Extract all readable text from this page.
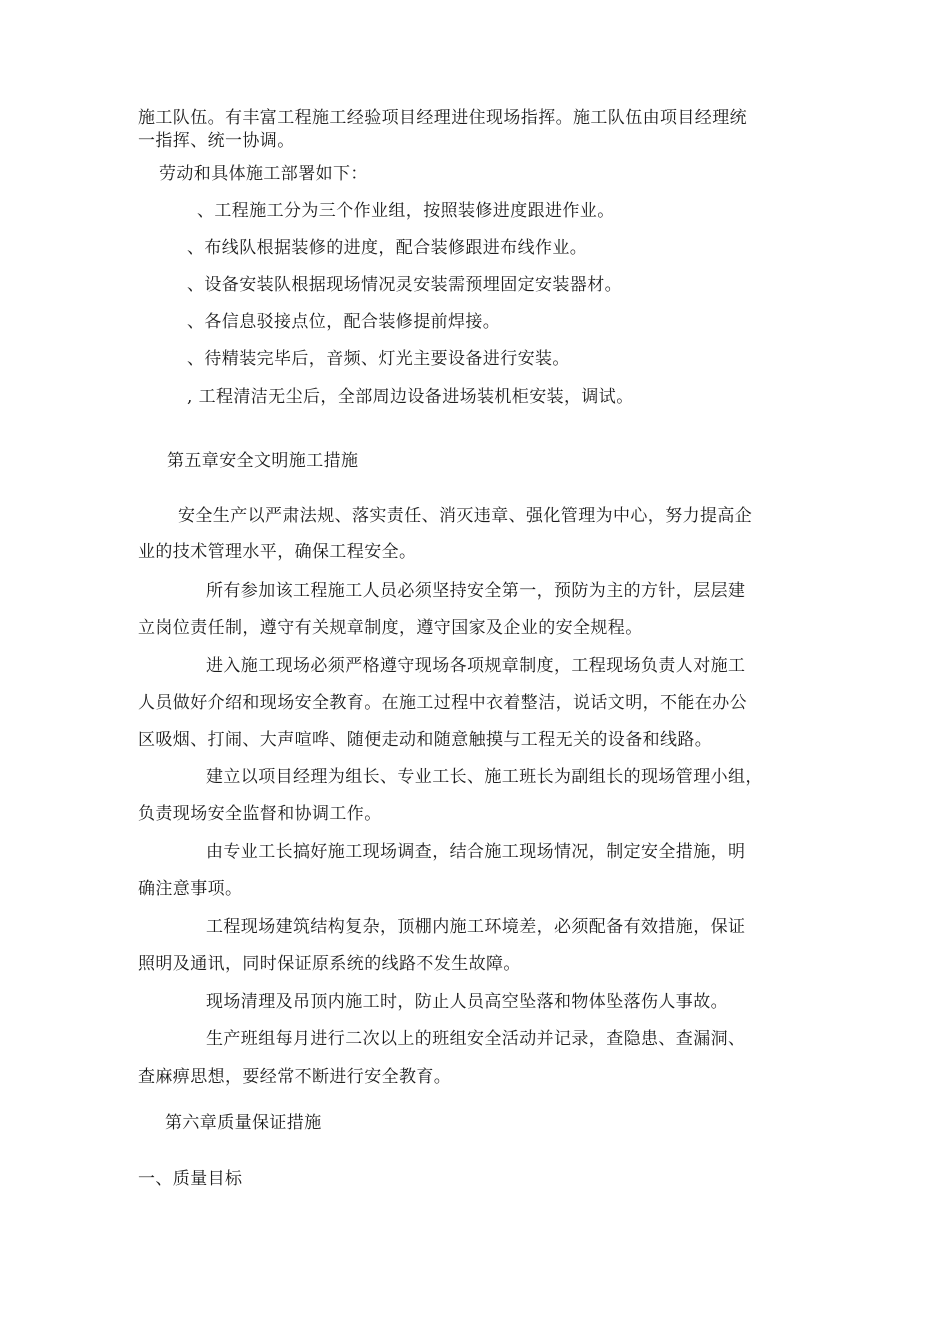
施工队伍。有丰富工程施工经验项目经理进住现场指挥。施工队伍由项目经理统
一指挥、统一协调。
劳动和具体施工部署如下：
、工程施工分为三个作业组，按照装修进度跟进作业。
、布线队根据装修的进度，配合装修跟进布线作业。
、设备安装队根据现场情况灵安装需预埋固定安装器材。
、各信息驳接点位，配合装修提前焊接。
、待精装完毕后，音频、灯光主要设备进行安装。
, 工程清洁无尘后，全部周边设备进场装机柜安装，调试。
第五章安全文明施工措施
安全生产以严肃法规、落实责任、消灭违章、强化管理为中心，努力提高企
业的技术管理水平，确保工程安全。
所有参加该工程施工人员必须坚持安全第一，预防为主的方针，层层建
立岗位责任制，遵守有关规章制度，遵守国家及企业的安全规程。
进入施工现场必须严格遵守现场各项规章制度，工程现场负责人对施工
人员做好介绍和现场安全教育。在施工过程中衣着整洁，说话文明，不能在办公
区吸烟、打闹、大声喧哗、随便走动和随意触摸与工程无关的设备和线路。
建立以项目经理为组长、专业工长、施工班长为副组长的现场管理小组，
负责现场安全监督和协调工作。
由专业工长搞好施工现场调查，结合施工现场情况，制定安全措施，明
确注意事项。
工程现场建筑结构复杂，顶棚内施工环境差，必须配备有效措施，保证
照明及通讯，同时保证原系统的线路不发生故障。
现场清理及吊顶内施工时，防止人员高空坠落和物体坠落伤人事故。
生产班组每月进行二次以上的班组安全活动并记录，查隐患、查漏洞、
查麻痹思想，要经常不断进行安全教育。
第六章质量保证措施
一、质量目标
